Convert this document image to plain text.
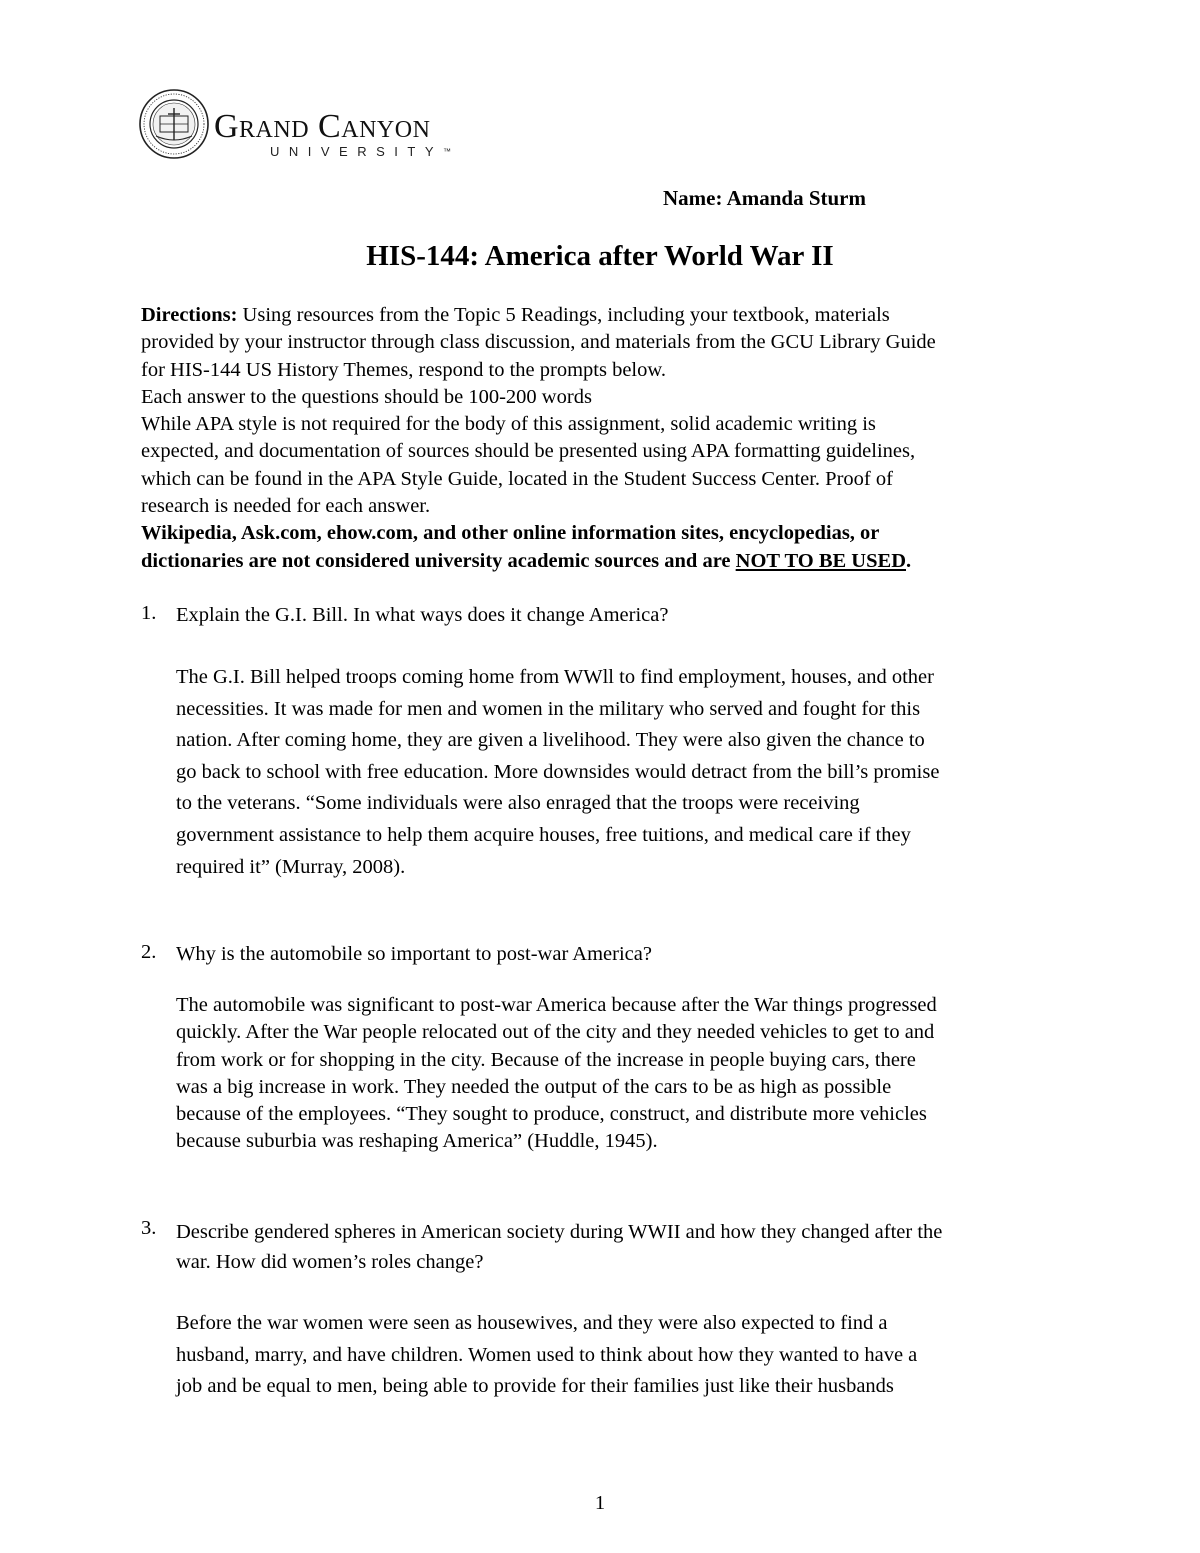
Grand Canyon
UNIVERSITY™
Name: Amanda Sturm
HIS-144: America after World War II
Directions: Using resources from the Topic 5 Readings, including your textbook, materials
provided by your instructor through class discussion, and materials from the GCU Library Guide
for HIS-144 US History Themes, respond to the prompts below.
Each answer to the questions should be 100-200 words
While APA style is not required for the body of this assignment, solid academic writing is
expected, and documentation of sources should be presented using APA formatting guidelines,
which can be found in the APA Style Guide, located in the Student Success Center. Proof of
research is needed for each answer.
Wikipedia, Ask.com, ehow.com, and other online information sites, encyclopedias, or
dictionaries are not considered university academic sources and are NOT TO BE USED.
1. Explain the G.I. Bill. In what ways does it change America?
The G.I. Bill helped troops coming home from WWll to find employment, houses, and other
necessities. It was made for men and women in the military who served and fought for this
nation. After coming home, they are given a livelihood. They were also given the chance to
go back to school with free education. More downsides would detract from the bill’s promise
to the veterans. “Some individuals were also enraged that the troops were receiving
government assistance to help them acquire houses, free tuitions, and medical care if they
required it” (Murray, 2008).
2. Why is the automobile so important to post-war America?
The automobile was significant to post-war America because after the War things progressed
quickly. After the War people relocated out of the city and they needed vehicles to get to and
from work or for shopping in the city. Because of the increase in people buying cars, there
was a big increase in work. They needed the output of the cars to be as high as possible
because of the employees. “They sought to produce, construct, and distribute more vehicles
because suburbia was reshaping America” (Huddle, 1945).
3. Describe gendered spheres in American society during WWII and how they changed after the
war. How did women’s roles change?
Before the war women were seen as housewives, and they were also expected to find a
husband, marry, and have children. Women used to think about how they wanted to have a
job and be equal to men, being able to provide for their families just like their husbands
1
